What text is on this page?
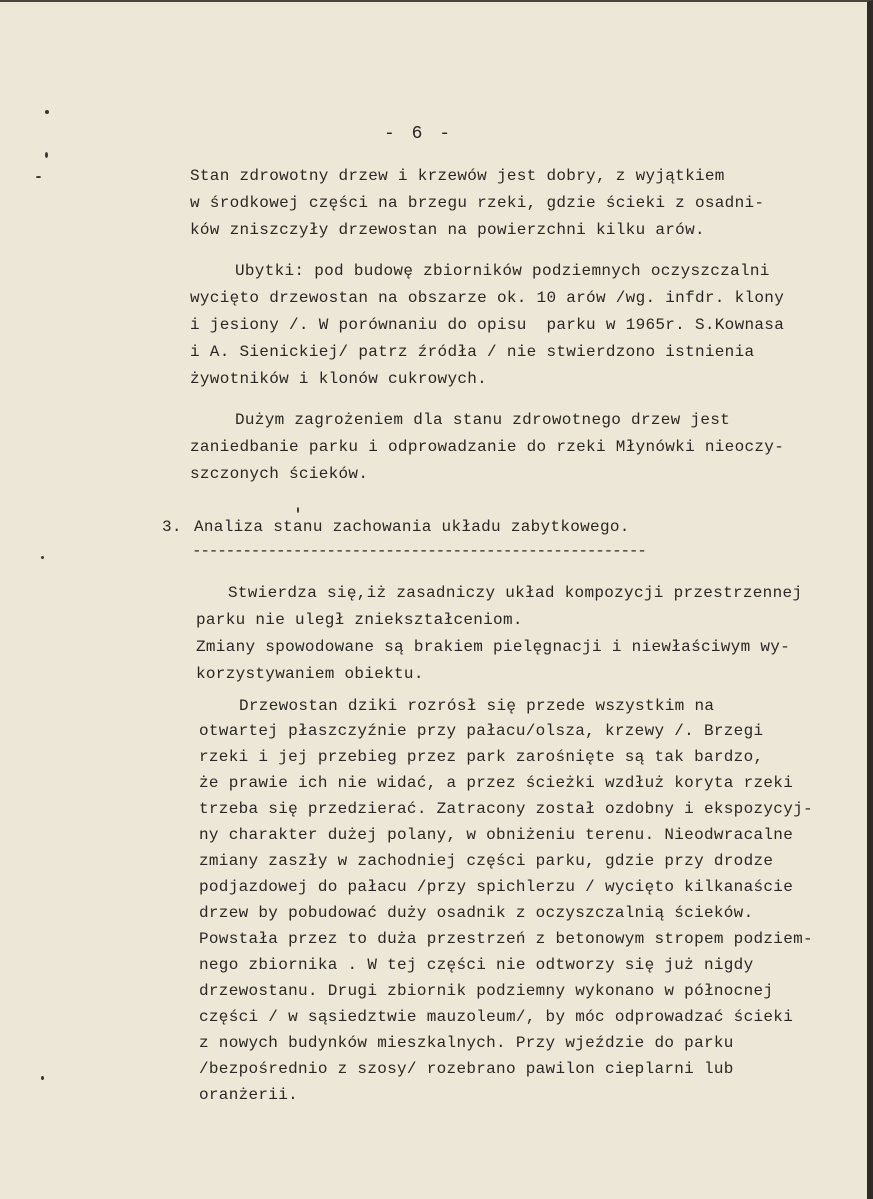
- 6 -

Stan zdrowotny drzew i krzewów jest dobry, z wyjątkiem

w środkowej części na brzegu rzeki, gdzie ścieki z osadni-

ków zniszczyły drzewostan na powierzchni kilku arów.

Ubytki: pod budowę zbiorników podziemnych oczyszczalni

wycięto drzewostan na obszarze ok. 10 arów /wg. infdr. klony

i jesiony /. W porównaniu do opisu  parku w 1965r. S.Kownasa

i A. Sienickiej/ patrz źródła / nie stwierdzono istnienia

żywotników i klonów cukrowych.

Dużym zagrożeniem dla stanu zdrowotnego drzew jest

zaniedbanie parku i odprowadzanie do rzeki Młynówki nieoczy-

szczonych ścieków.

3.

Analiza stanu zachowania układu zabytkowego.

Stwierdza się,iż zasadniczy układ kompozycji przestrzennej

parku nie uległ zniekształceniom.

Zmiany spowodowane są brakiem pielęgnacji i niewłaściwym wy-

korzystywaniem obiektu.

Drzewostan dziki rozrósł się przede wszystkim na

otwartej płaszczyźnie przy pałacu/olsza, krzewy /. Brzegi

rzeki i jej przebieg przez park zarośnięte są tak bardzo,

że prawie ich nie widać, a przez ścieżki wzdłuż koryta rzeki

trzeba się przedzierać. Zatracony został ozdobny i ekspozycyj-

ny charakter dużej polany, w obniżeniu terenu. Nieodwracalne

zmiany zaszły w zachodniej części parku, gdzie przy drodze

podjazdowej do pałacu /przy spichlerzu / wycięto kilkanaście

drzew by pobudować duży osadnik z oczyszczalnią ścieków.

Powstała przez to duża przestrzeń z betonowym stropem podziem-

nego zbiornika . W tej części nie odtworzy się już nigdy

drzewostanu. Drugi zbiornik podziemny wykonano w północnej

części / w sąsiedztwie mauzoleum/, by móc odprowadzać ścieki

z nowych budynków mieszkalnych. Przy wjeździe do parku

/bezpośrednio z szosy/ rozebrano pawilon cieplarni lub

oranżerii.

------------------------------------------------------
